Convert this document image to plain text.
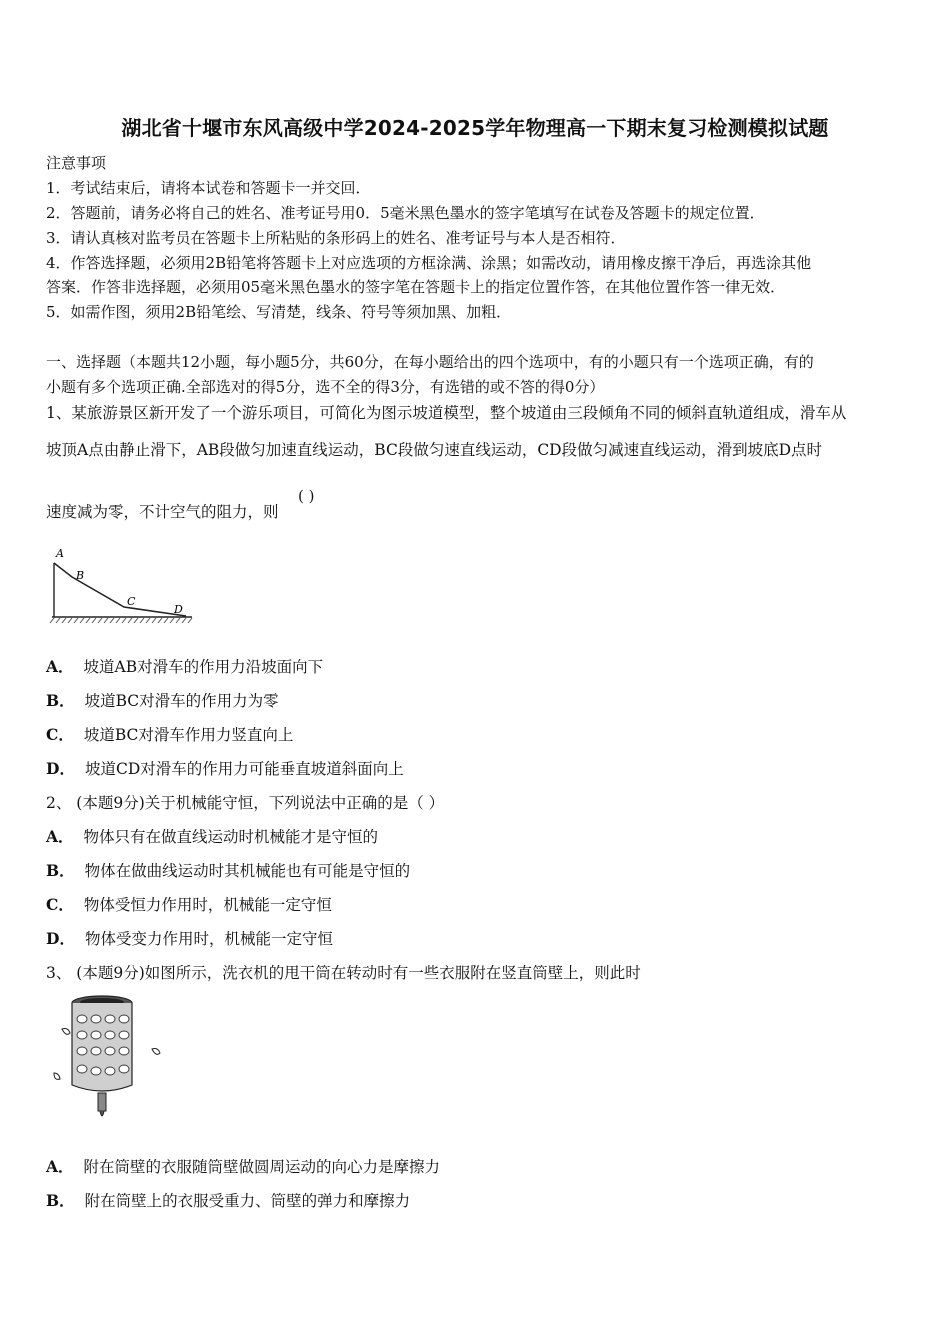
湖北省十堰市东风高级中学2024-2025学年物理高一下期末复习检测模拟试题
注意事项
1．考试结束后，请将本试卷和答题卡一并交回．
2．答题前，请务必将自己的姓名、准考证号用0．5毫米黑色墨水的签字笔填写在试卷及答题卡的规定位置．
3．请认真核对监考员在答题卡上所粘贴的条形码上的姓名、准考证号与本人是否相符．
4．作答选择题，必须用2B铅笔将答题卡上对应选项的方框涂满、涂黑；如需改动，请用橡皮擦干净后，再选涂其他
答案．作答非选择题，必须用05毫米黑色墨水的签字笔在答题卡上的指定位置作答，在其他位置作答一律无效．
5．如需作图，须用2B铅笔绘、写清楚，线条、符号等须加黑、加粗．
一、选择题（本题共12小题，每小题5分，共60分，在每小题给出的四个选项中，有的小题只有一个选项正确，有的
小题有多个选项正确.全部选对的得5分，选不全的得3分，有选错的或不答的得0分）
1、某旅游景区新开发了一个游乐项目，可简化为图示坡道模型，整个坡道由三段倾角不同的倾斜直轨道组成，滑车从
坡顶A点由静止滑下，AB段做匀加速直线运动，BC段做匀速直线运动，CD段做匀减速直线运动，滑到坡底D点时
速度减为零，不计空气的阻力，则
( )
A
B
C
D
A． 坡道AB对滑车的作用力沿坡面向下
B． 坡道BC对滑车的作用力为零
C． 坡道BC对滑车作用力竖直向上
D． 坡道CD对滑车的作用力可能垂直坡道斜面向上
2、 (本题9分)关于机械能守恒，下列说法中正确的是（ ）
A． 物体只有在做直线运动时机械能才是守恒的
B． 物体在做曲线运动时其机械能也有可能是守恒的
C． 物体受恒力作用时，机械能一定守恒
D． 物体受变力作用时，机械能一定守恒
3、 (本题9分)如图所示，洗衣机的甩干筒在转动时有一些衣服附在竖直筒壁上，则此时
A． 附在筒壁的衣服随筒壁做圆周运动的向心力是摩擦力
B． 附在筒壁上的衣服受重力、筒壁的弹力和摩擦力
